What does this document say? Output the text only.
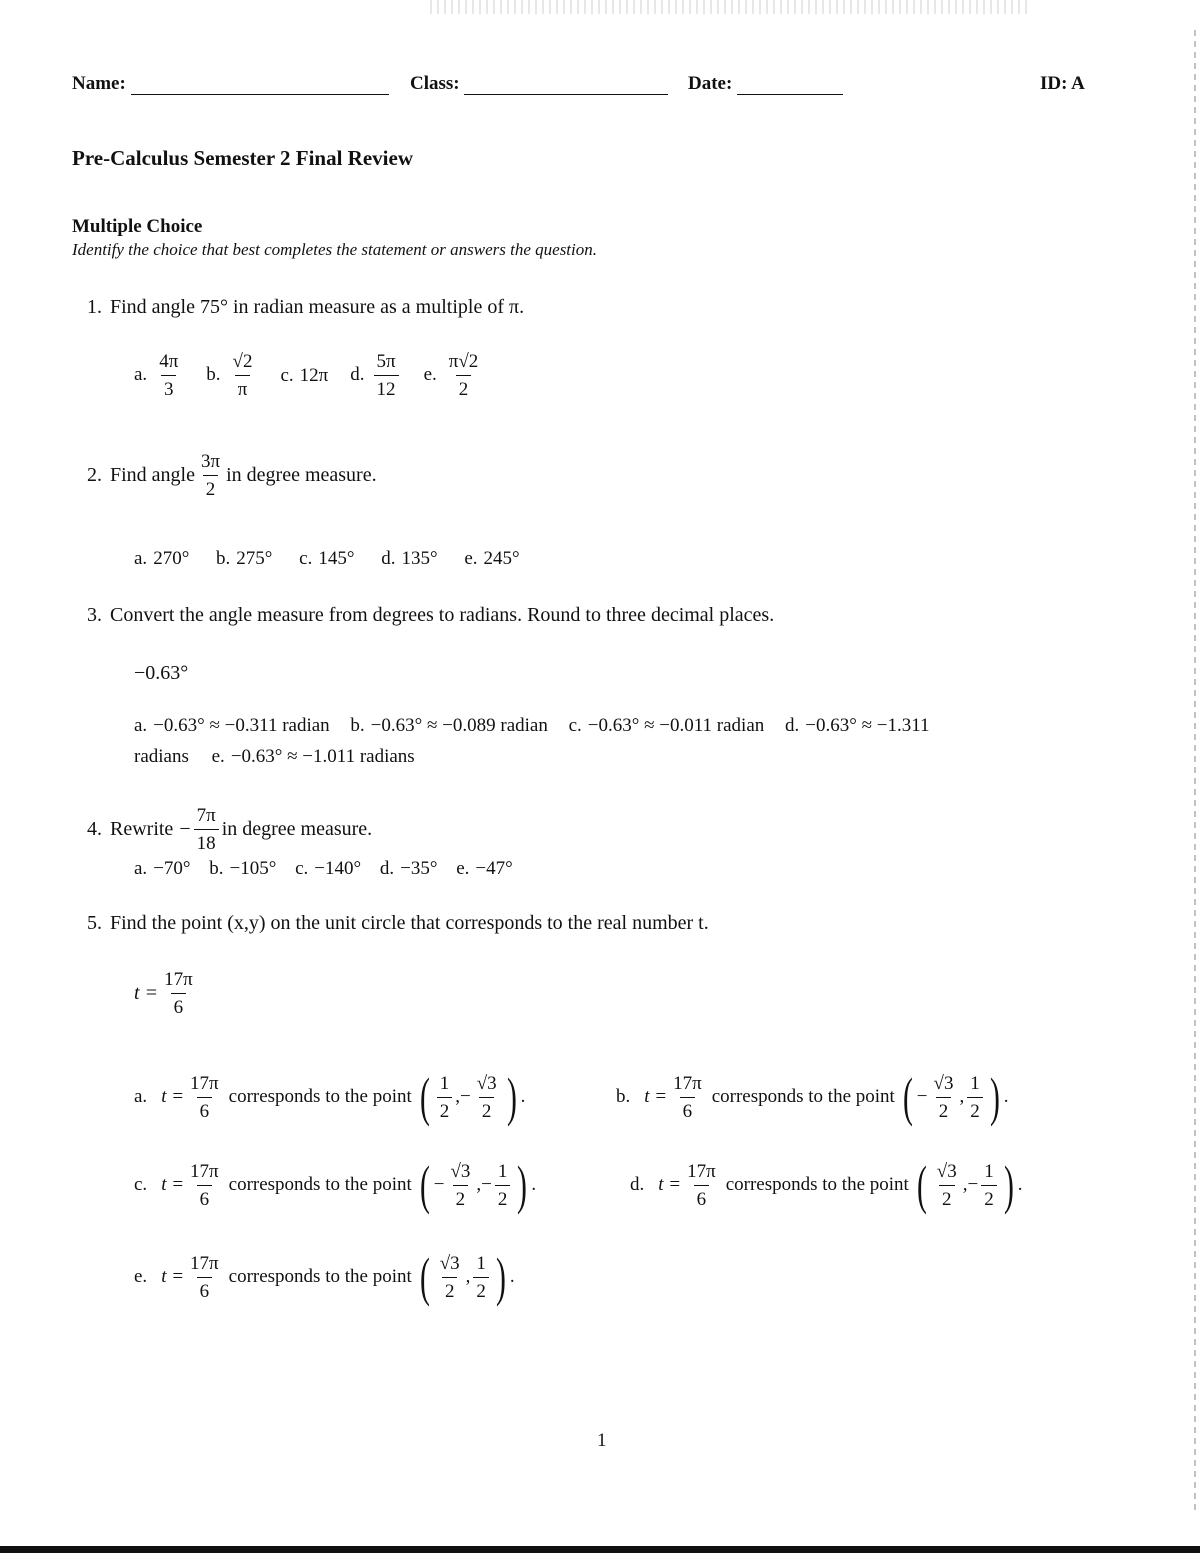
Name:	Class:	Date:	ID: A
Pre-Calculus Semester 2 Final Review
Multiple Choice
Identify the choice that best completes the statement or answers the question.
1. Find angle 75° in radian measure as a multiple of π.
a. $\frac{4\pi}{3} b$. $\frac{√2}{\pi} c$. 12π d. $\frac{5\pi}{12} e$. $\frac{\pi√2}{2}$
2. Find angle $\frac{3\pi}{2}$ in degree measure.
a. 270° b. 275° c. 145° d. 135° e. 245°
3. Convert the angle measure from degrees to radians. Round to three decimal places.
−0.63°
a. −0.63° ≈ −0.311 radian b. −0.63° ≈ −0.089 radian c. −0.63° ≈ −0.011 radian d. −0.63° ≈ −1.311
radians e. −0.63° ≈ −1.011 radians
4. Rewrite − $\frac{7\pi}{18}$ in degree measure.
a. −70° b. −105° c. −140° d. −35° e. −47°
5. Find the point (x,y) on the unit circle that corresponds to the real number t.
$t = \frac{17\pi}{6}$
a. $t = \frac{17\pi}{6}$ corresponds to the point ( $\frac{1}{2}$ , − $\frac{√3}{2}$ ) .	b. $t = \frac{17\pi}{6}$ corresponds to the point ( − $\frac{√3}{2}$ , $\frac{1}{2}$ ) .
c. $t = \frac{17\pi}{6}$ corresponds to the point ( − $\frac{√3}{2}$ , − $\frac{1}{2}$ ) .	d. $t = \frac{17\pi}{6}$ corresponds to the point ( $\frac{√3}{2}$ , − $\frac{1}{2}$ ) .
e. $t = \frac{17\pi}{6}$ corresponds to the point ( $\frac{√3}{2}$ , $\frac{1}{2}$ ) .
1
